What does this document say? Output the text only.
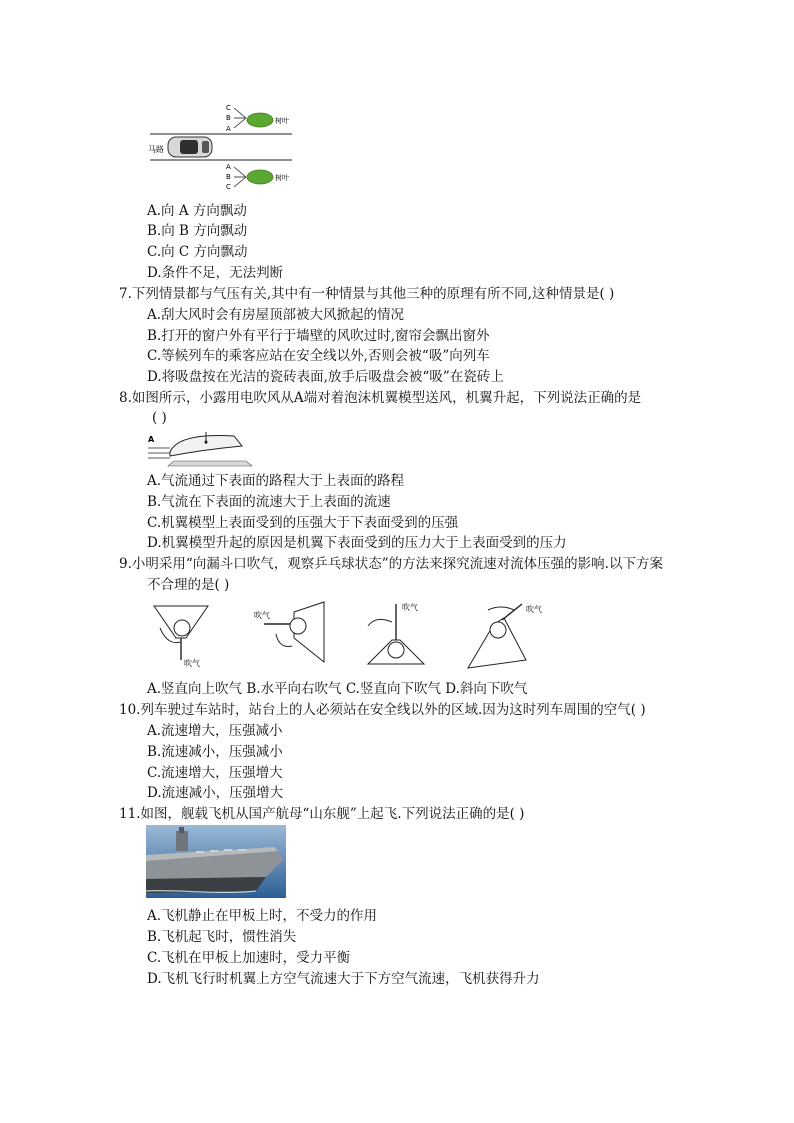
马路
C
B
A
树叶
A
B
C
树叶
A.向 A 方向飘动
B.向 B 方向飘动
C.向 C 方向飘动
D.条件不足，无法判断
7.下列情景都与气压有关,其中有一种情景与其他三种的原理有所不同,这种情景是( )
A.刮大风时会有房屋顶部被大风掀起的情况
B.打开的窗户外有平行于墙壁的风吹过时,窗帘会飘出窗外
C.等候列车的乘客应站在安全线以外,否则会被“吸”向列车
D.将吸盘按在光洁的瓷砖表面,放手后吸盘会被“吸”在瓷砖上
8.如图所示，小露用电吹风从A端对着泡沫机翼模型送风，机翼升起，下列说法正确的是
( )
A
A.气流通过下表面的路程大于上表面的路程
B.气流在下表面的流速大于上表面的流速
C.机翼模型上表面受到的压强大于下表面受到的压强
D.机翼模型升起的原因是机翼下表面受到的压力大于上表面受到的压力
9.小明采用“向漏斗口吹气，观察乒乓球状态”的方法来探究流速对流体压强的影响.以下方案
不合理的是( )
吹气
吹气
吹气	吹气
A.竖直向上吹气 B.水平向右吹气 C.竖直向下吹气 D.斜向下吹气
10.列车驶过车站时，站台上的人必须站在安全线以外的区域.因为这时列车周围的空气( )
A.流速增大，压强减小
B.流速减小，压强减小
C.流速增大，压强增大
D.流速减小，压强增大
11.如图，舰载飞机从国产航母“山东舰”上起飞.下列说法正确的是( )
A.飞机静止在甲板上时，不受力的作用
B.飞机起飞时，惯性消失
C.飞机在甲板上加速时，受力平衡
D.飞机飞行时机翼上方空气流速大于下方空气流速，飞机获得升力
